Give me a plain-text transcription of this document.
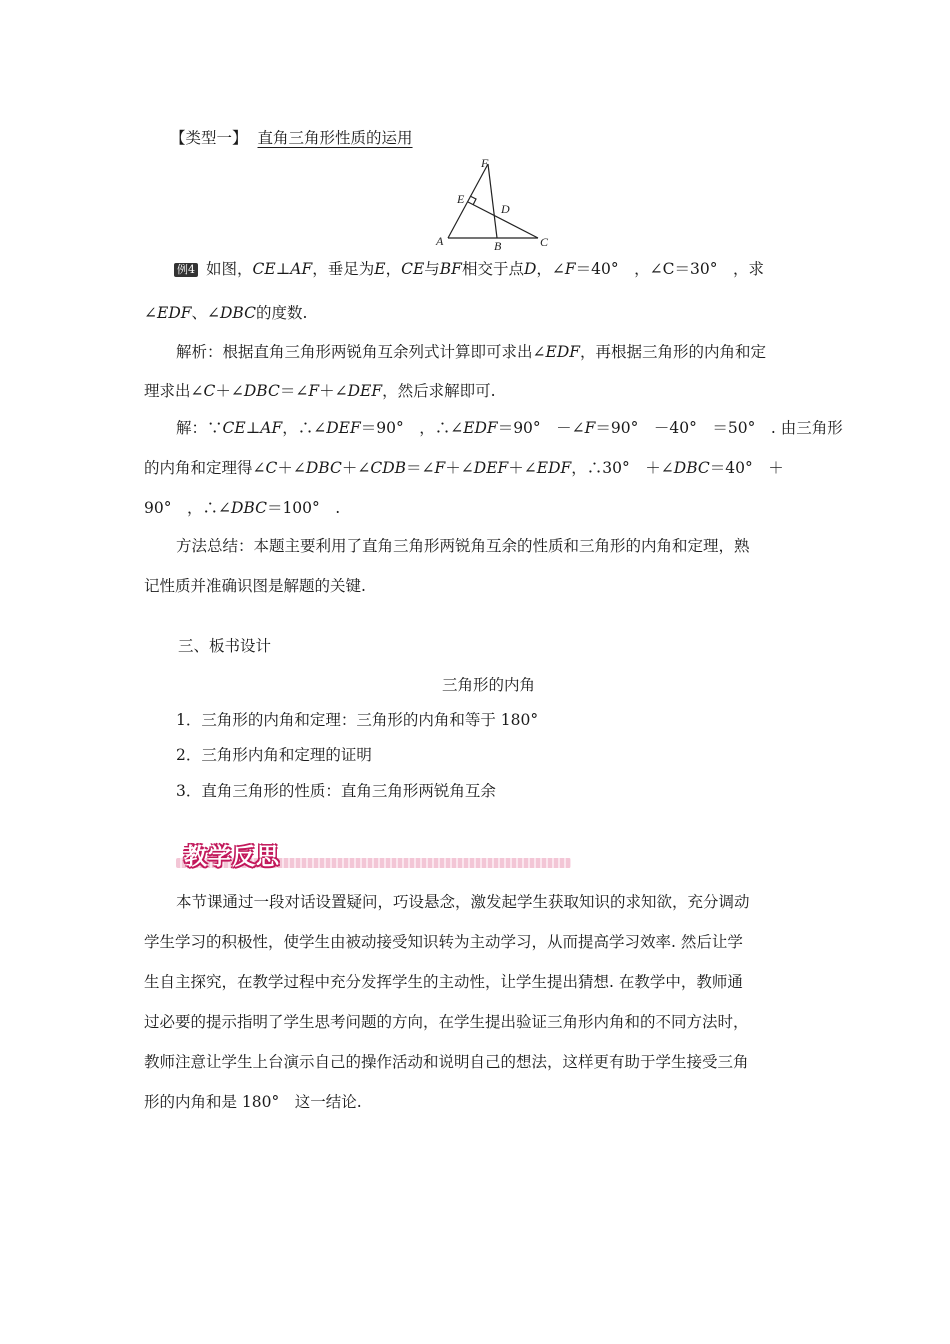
【类型一】 直角三角形性质的运用
F
E
D
A	B	C
例4 如图，CE⊥AF，垂足为E，CE与BF相交于点D，∠F＝40°　，∠C＝30°　，求
∠EDF、∠DBC的度数.
解析：根据直角三角形两锐角互余列式计算即可求出∠EDF，再根据三角形的内角和定
理求出∠C＋∠DBC＝∠F＋∠DEF，然后求解即可.
解：∵CE⊥AF，∴∠DEF＝90°　，∴∠EDF＝90°　－∠F＝90°　－40°　＝50°　. 由三角形
的内角和定理得∠C＋∠DBC＋∠CDB＝∠F＋∠DEF＋∠EDF，∴30°　＋∠DBC＝40°　＋
90°　，∴∠DBC＝100°　.
方法总结：本题主要利用了直角三角形两锐角互余的性质和三角形的内角和定理，熟
记性质并准确识图是解题的关键.
三、板书设计
三角形的内角
1．三角形的内角和定理：三角形的内角和等于 180°
2．三角形内角和定理的证明
3．直角三角形的性质：直角三角形两锐角互余
教学反思
本节课通过一段对话设置疑问，巧设悬念，激发起学生获取知识的求知欲，充分调动
学生学习的积极性，使学生由被动接受知识转为主动学习，从而提高学习效率. 然后让学
生自主探究，在教学过程中充分发挥学生的主动性，让学生提出猜想. 在教学中，教师通
过必要的提示指明了学生思考问题的方向，在学生提出验证三角形内角和的不同方法时，
教师注意让学生上台演示自己的操作活动和说明自己的想法，这样更有助于学生接受三角
形的内角和是 180°　这一结论.
